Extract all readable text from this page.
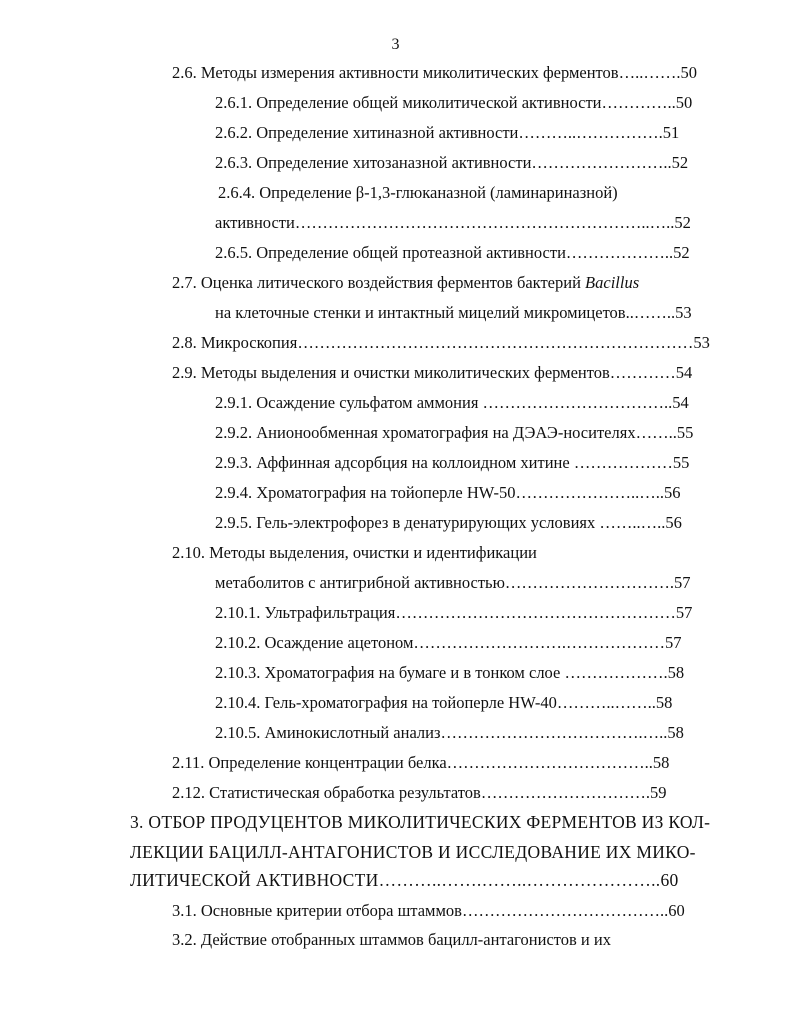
3
2.6. Методы измерения активности миколитических ферментов…..…….50
2.6.1. Определение общей миколитической активности…………..50
2.6.2. Определение хитиназной активности………..…………….51
2.6.3. Определение хитозаназной активности……………………..52
2.6.4. Определение β-1,3-глюканазной (ламинариназной)
активности………………………………………………………..…..52
2.6.5. Определение общей протеазной активности………………..52
2.7. Оценка литического воздействия ферментов бактерий Bacillus
на клеточные стенки и интактный мицелий микромицетов..……..53
2.8. Микроскопия………………………………………………………………53
2.9. Методы выделения и очистки миколитических ферментов…………54
2.9.1. Осаждение сульфатом аммония ……………………………..54
2.9.2. Анионообменная хроматография на ДЭАЭ-носителях……..55
2.9.3. Аффинная адсорбция на коллоидном хитине ………………55
2.9.4. Хроматография на тойоперле HW-50…………………..…..56
2.9.5. Гель-электрофорез в денатурирующих условиях ……..…..56
2.10. Методы выделения, очистки и идентификации
метаболитов с антигрибной активностью………………………….57
2.10.1. Ультрафильтрация……………………………………………57
2.10.2. Осаждение ацетоном……………………….………………57
2.10.3. Хроматография на бумаге и в тонком слое ……………….58
2.10.4. Гель-хроматография на тойоперле HW-40………..……..58
2.10.5. Аминокислотный анализ……………………………….…..58
2.11. Определение концентрации белка………………………………..58
2.12. Статистическая обработка результатов………………………….59
3. ОТБОР ПРОДУЦЕНТОВ МИКОЛИТИЧЕСКИХ ФЕРМЕНТОВ ИЗ КОЛ-
ЛЕКЦИИ БАЦИЛЛ-АНТАГОНИСТОВ И ИССЛЕДОВАНИЕ ИХ МИКО-
ЛИТИЧЕСКОЙ АКТИВНОСТИ………..…….……..…………………..60
3.1. Основные критерии отбора штаммов………………………………..60
3.2. Действие отобранных штаммов бацилл-антагонистов и их
